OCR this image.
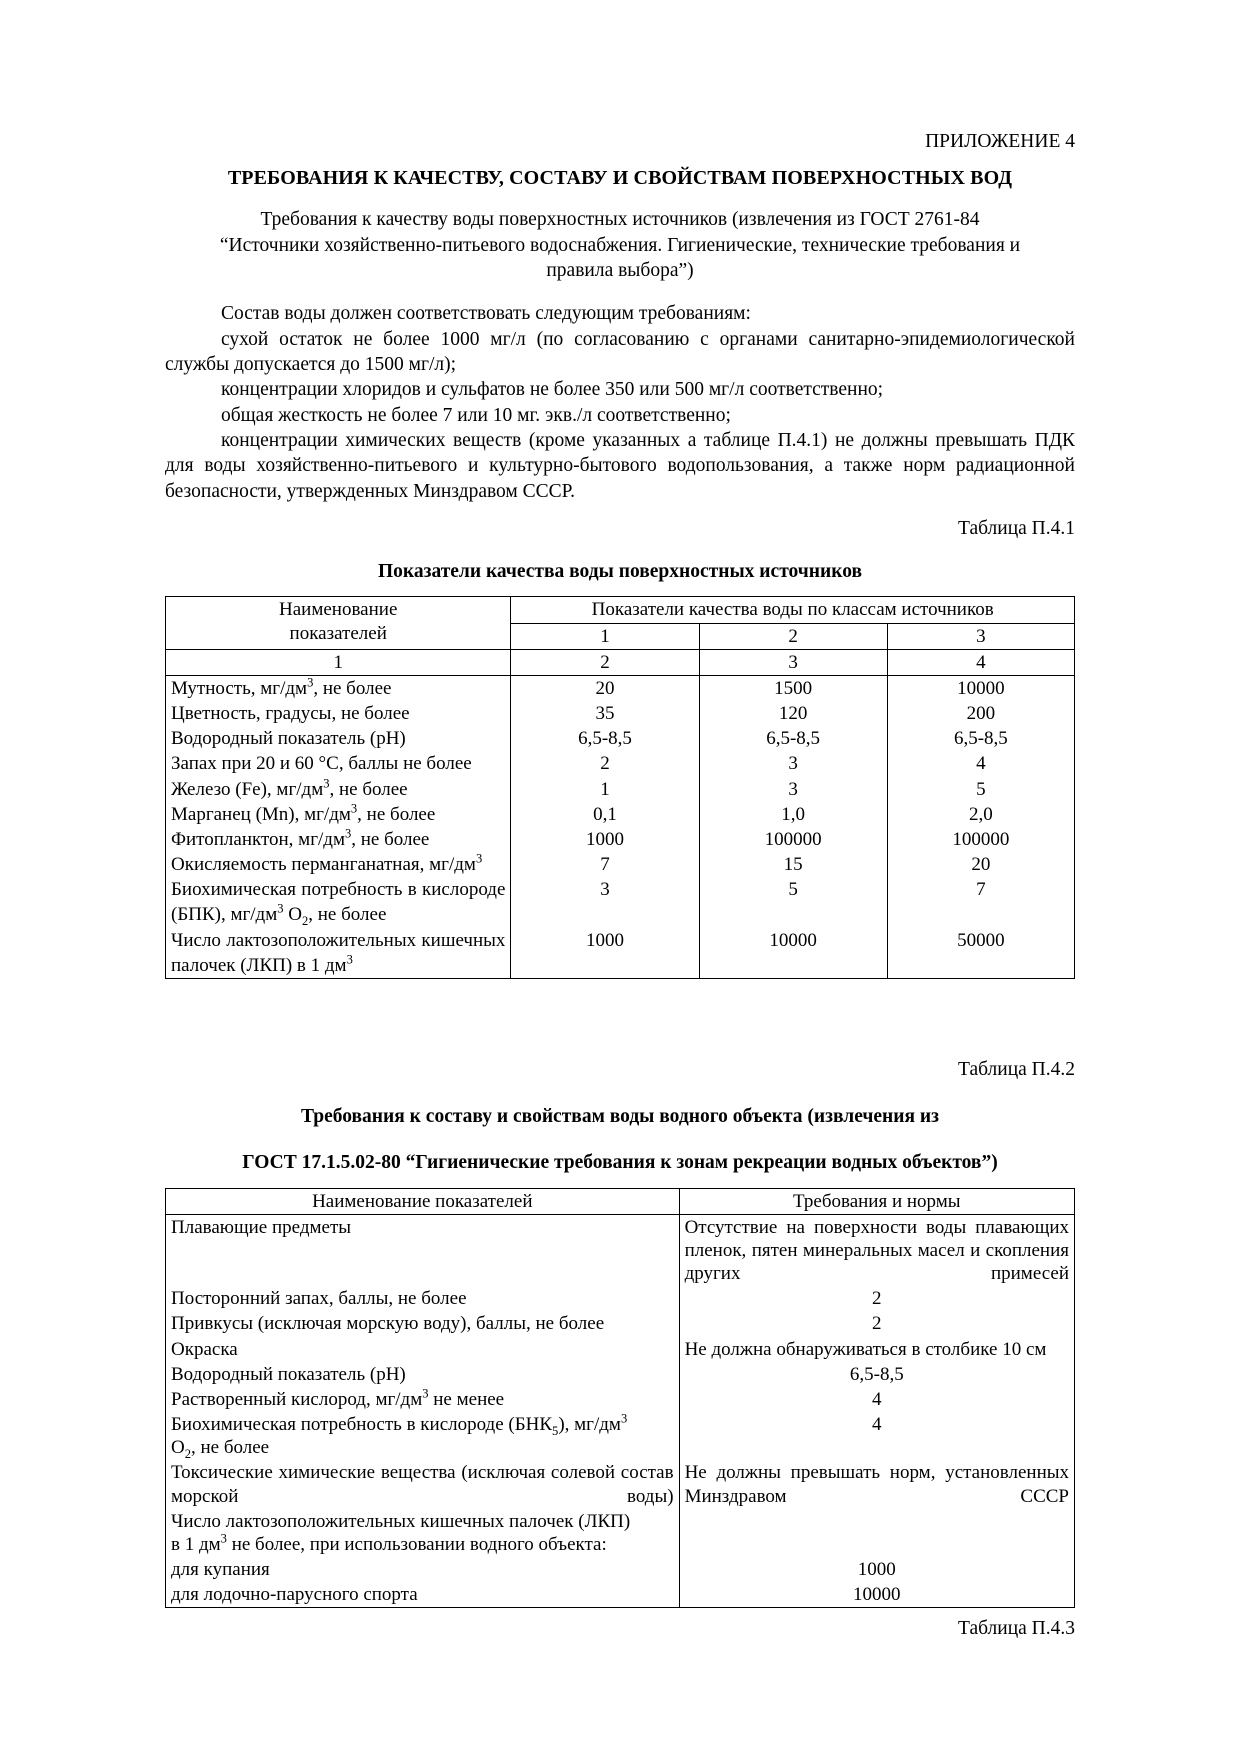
ПРИЛОЖЕНИЕ 4
ТРЕБОВАНИЯ К КАЧЕСТВУ, СОСТАВУ И СВОЙСТВАМ ПОВЕРХНОСТНЫХ ВОД
Требования к качеству воды поверхностных источников (извлечения из ГОСТ 2761-84
“Источники хозяйственно-питьевого водоснабжения. Гигиенические, технические требования и
правила выбора”)

Состав воды должен соответствовать следующим требованиям:

сухой остаток не более 1000 мг/л (по согласованию с органами санитарно-эпидемиологической службы допускается до 1500 мг/л);

концентрации хлоридов и сульфатов не более 350 или 500 мг/л соответственно;

общая жесткость не более 7 или 10 мг. экв./л соответственно;

концентрации химических веществ (кроме указанных а таблице П.4.1) не должны превышать ПДК для воды хозяйственно-питьевого и культурно-бытового водопользования, а также норм радиационной безопасности, утвержденных Минздравом СССР.

Таблица П.4.1
Показатели качества воды поверхностных источников
Наименование
показателей	Показатели качества воды по классам источников		
	1	2	3
1	2	3	4
Мутность, $мг/дм^3$, не более	20	1500	10000
Цветность, градусы, не более	35	120	200
Водородный показатель (pH)	6,5-8,5	6,5-8,5	6,5-8,5
Запах при 20 и 60 °C, баллы не более	2	3	4
Железо (Fe), $мг/дм^3$, не более	1	3	5
Марганец (Mn), $мг/дм^3$, не более	0,1	1,0	2,0
Фитопланктон, $мг/дм^3$, не более	1000	100000	100000
Окисляемость перманганатная, $мг/дм^3$	7	15	20
Биохимическая потребность в кислороде	3	5	7
(БПК), $мг/дм^3$ $O_2$, не более			
Число лактозоположительных кишечных	1000	10000	50000
палочек (ЛКП) в 1 $дм^3$			
Таблица П.4.2
Требования к составу и свойствам воды водного объекта (извлечения из
ГОСТ 17.1.5.02-80 “Гигиенические требования к зонам рекреации водных объектов”)
Наименование показателей	Требования и нормы
Плавающие предметы	Отсутствие на поверхности воды плавающих пленок, пятен минеральных масел и скопления других примесей
Посторонний запах, баллы, не более	2
Привкусы (исключая морскую воду), баллы, не более	2
Окраска	Не должна обнаруживаться в столбике 10 см
Водородный показатель (pH)	6,5-8,5
Растворенный кислород, $мг/дм^3$ не менее	4
Биохимическая потребность в кислороде $(БНК_5)$, $мг/дм^3$
$O_2$, не более	4
Токсические химические вещества (исключая солевой состав морской воды)	Не должны превышать норм, установленных Минздравом СССР
Число лактозоположительных кишечных палочек (ЛКП)
в 1 $дм^3$ не более, при использовании водного объекта:	
для купания	1000
для лодочно-парусного спорта	10000
Таблица П.4.3
